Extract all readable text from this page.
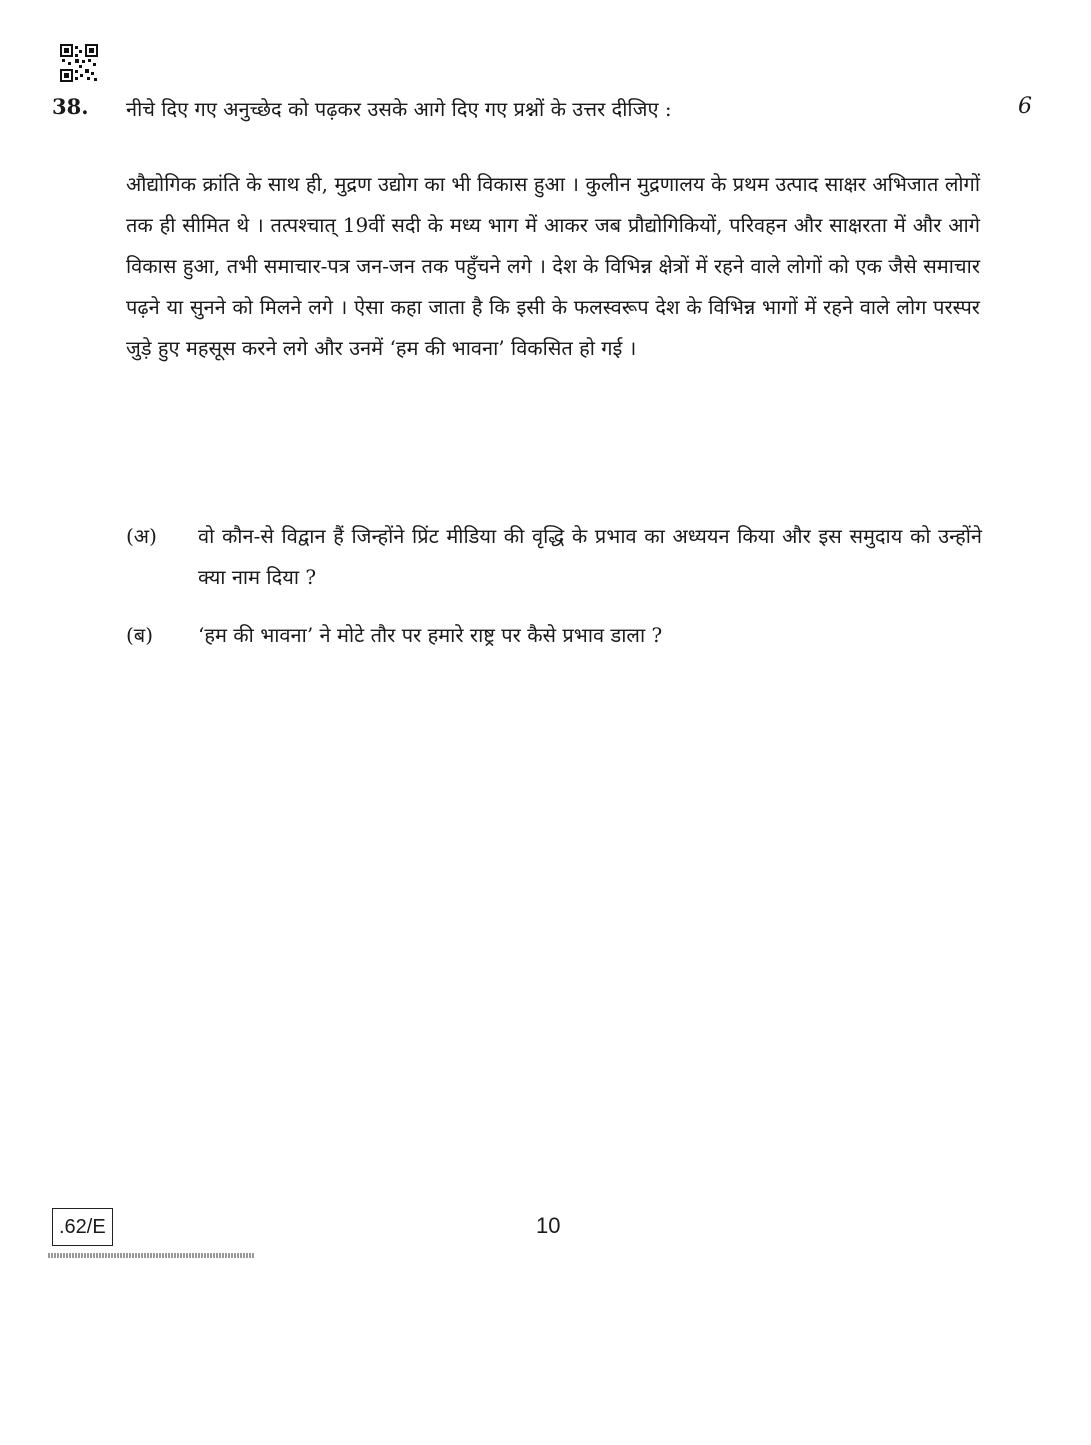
38. नीचे दिए गए अनुच्छेद को पढ़कर उसके आगे दिए गए प्रश्नों के उत्तर दीजिए :	6
औद्योगिक क्रांति के साथ ही, मुद्रण उद्योग का भी विकास हुआ । कुलीन मुद्रणालय के प्रथम उत्पाद साक्षर अभिजात लोगों तक ही सीमित थे । तत्पश्चात् 19वीं सदी के मध्य भाग में आकर जब प्रौद्योगिकियों, परिवहन और साक्षरता में और आगे विकास हुआ, तभी समाचार-पत्र जन-जन तक पहुँचने लगे । देश के विभिन्न क्षेत्रों में रहने वाले लोगों को एक जैसे समाचार पढ़ने या सुनने को मिलने लगे । ऐसा कहा जाता है कि इसी के फलस्वरूप देश के विभिन्न भागों में रहने वाले लोग परस्पर जुड़े हुए महसूस करने लगे और उनमें ‘हम की भावना’ विकसित हो गई ।
(अ)	वो कौन-से विद्वान हैं जिन्होंने प्रिंट मीडिया की वृद्धि के प्रभाव का अध्ययन किया और इस समुदाय को उन्होंने क्या नाम दिया ?
(ब)	‘हम की भावना’ ने मोटे तौर पर हमारे राष्ट्र पर कैसे प्रभाव डाला ?
.62/E	10
